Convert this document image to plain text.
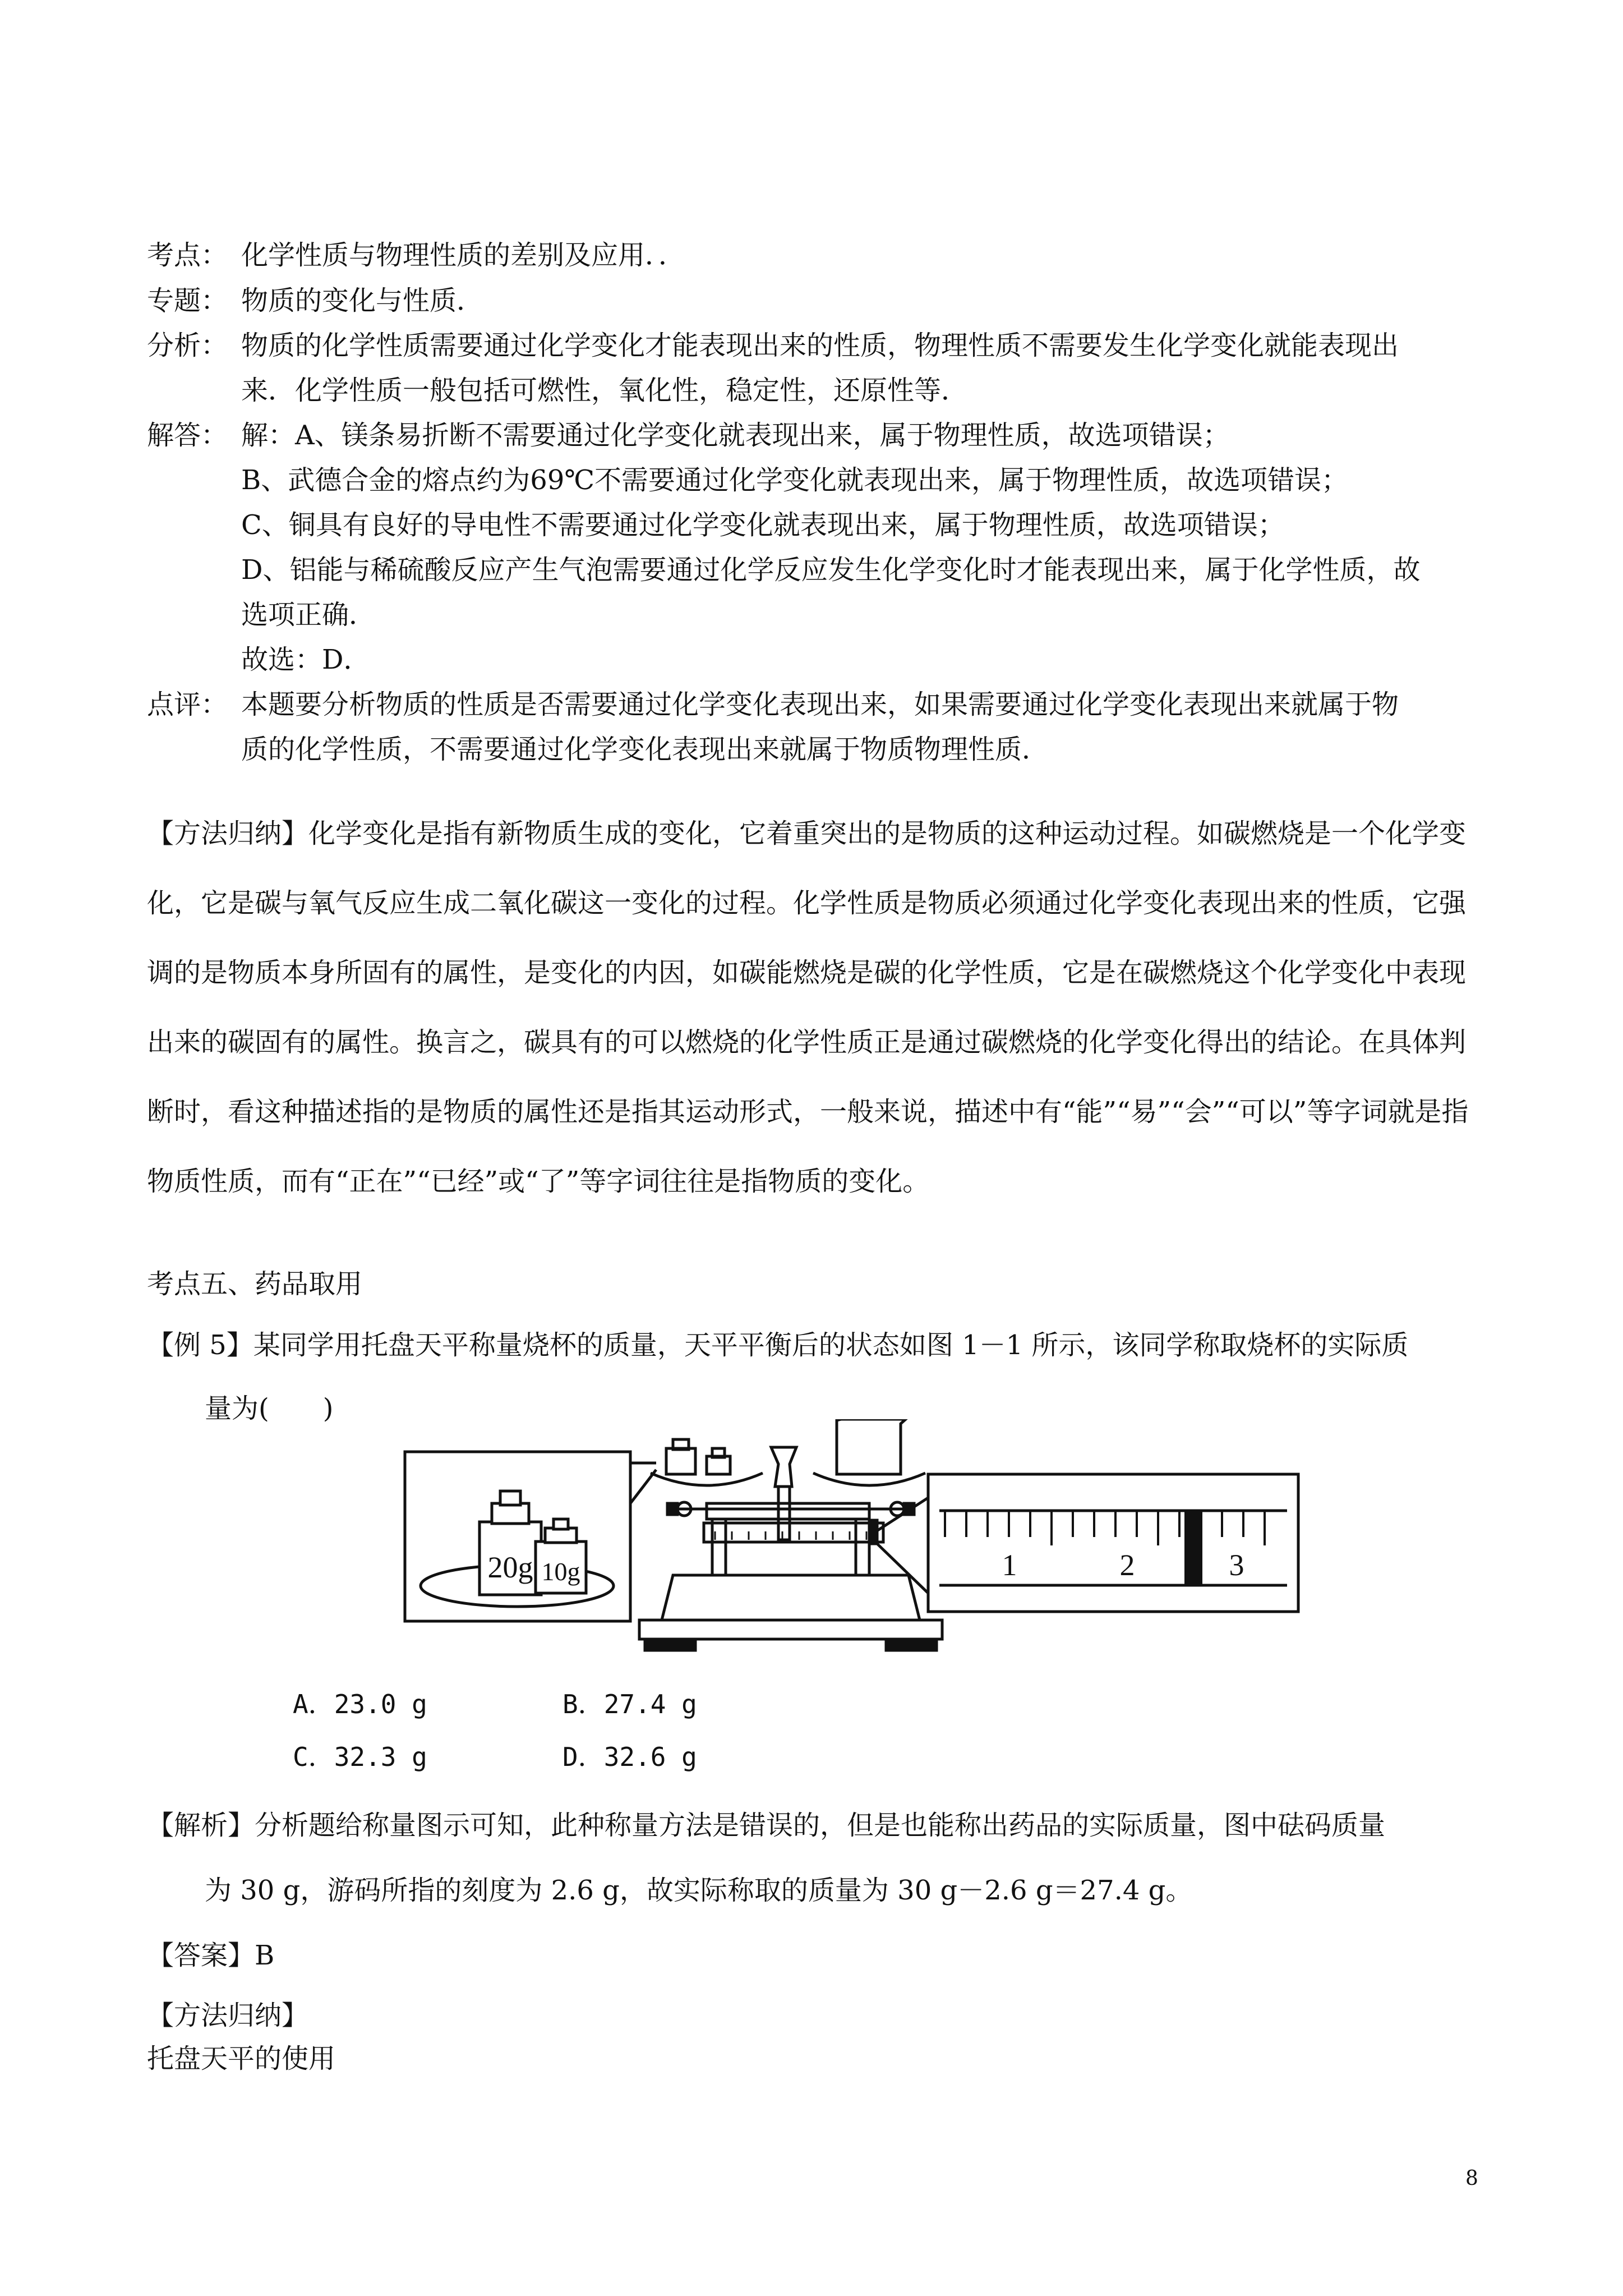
考点： 化学性质与物理性质的差别及应用．．
专题： 物质的变化与性质．
分析： 物质的化学性质需要通过化学变化才能表现出来的性质，物理性质不需要发生化学变化就能表现出
来．化学性质一般包括可燃性，氧化性，稳定性，还原性等．
解答： 解：A、镁条易折断不需要通过化学变化就表现出来，属于物理性质，故选项错误；
B、武德合金的熔点约为69℃不需要通过化学变化就表现出来，属于物理性质，故选项错误；
C、铜具有良好的导电性不需要通过化学变化就表现出来，属于物理性质，故选项错误；
D、铝能与稀硫酸反应产生气泡需要通过化学反应发生化学变化时才能表现出来，属于化学性质，故
选项正确．
故选：D．
点评： 本题要分析物质的性质是否需要通过化学变化表现出来，如果需要通过化学变化表现出来就属于物
质的化学性质，不需要通过化学变化表现出来就属于物质物理性质．
【方法归纳】化学变化是指有新物质生成的变化，它着重突出的是物质的这种运动过程。如碳燃烧是一个化学变化，它是碳与氧气反应生成二氧化碳这一变化的过程。化学性质是物质必须通过化学变化表现出来的性质，它强调的是物质本身所固有的属性，是变化的内因，如碳能燃烧是碳的化学性质，它是在碳燃烧这个化学变化中表现出来的碳固有的属性。换言之，碳具有的可以燃烧的化学性质正是通过碳燃烧的化学变化得出的结论。在具体判断时，看这种描述指的是物质的属性还是指其运动形式，一般来说，描述中有“能”“易”“会”“可以”等字词就是指物质性质，而有“正在”“已经”或“了”等字词往往是指物质的变化。
考点五、药品取用
【例 5】某同学用托盘天平称量烧杯的质量，天平平衡后的状态如图 1－1 所示，该同学称取烧杯的实际质
量为(　　)
20g 10g	1	2	3
A．23.0 g	B．27.4 g
C．32.3 g	D．32.6 g
【解析】分析题给称量图示可知，此种称量方法是错误的，但是也能称出药品的实际质量，图中砝码质量
为 30 g，游码所指的刻度为 2.6 g，故实际称取的质量为 30 g－2.6 g＝27.4 g。
【答案】B
【方法归纳】
托盘天平的使用
8
